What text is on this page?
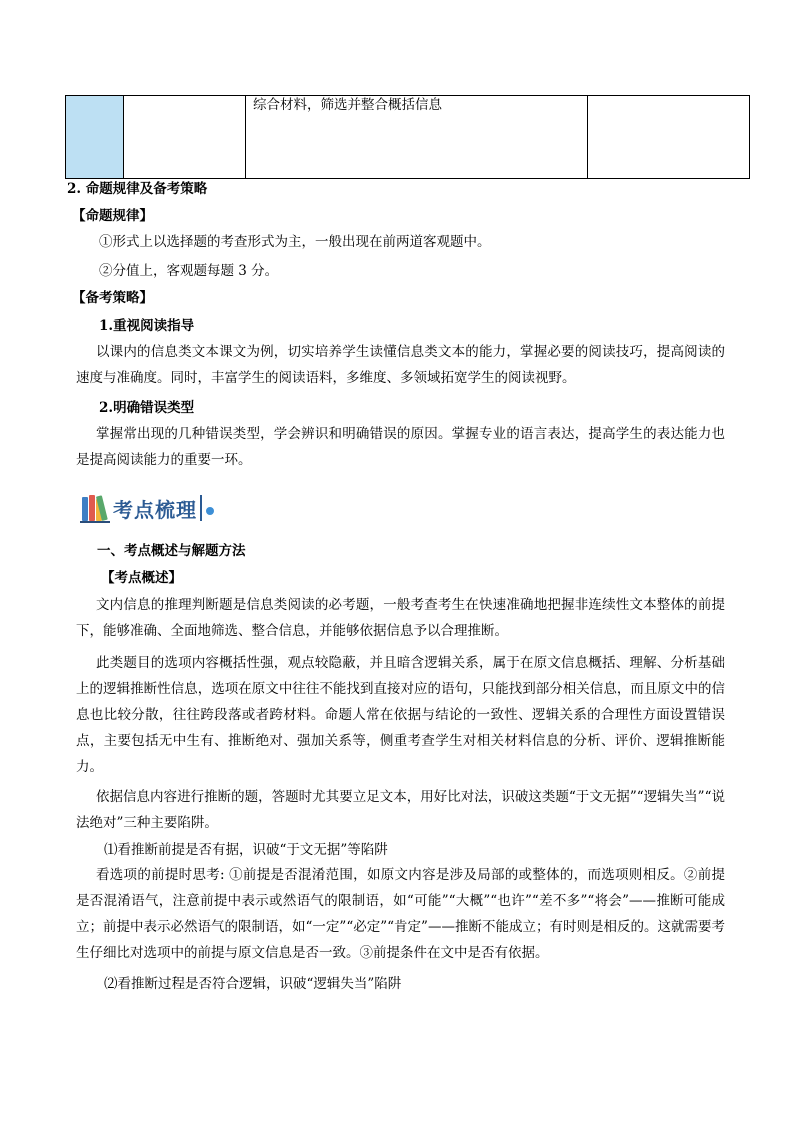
综合材料，筛选并整合概括信息
2. 命题规律及备考策略
【命题规律】
①形式上以选择题的考查形式为主，一般出现在前两道客观题中。
②分值上，客观题每题 3 分。
【备考策略】
1.重视阅读指导
以课内的信息类文本课文为例，切实培养学生读懂信息类文本的能力，掌握必要的阅读技巧，提高阅读的速度与准确度。同时，丰富学生的阅读语料，多维度、多领域拓宽学生的阅读视野。
2.明确错误类型
掌握常出现的几种错误类型，学会辨识和明确错误的原因。掌握专业的语言表达，提高学生的表达能力也是提高阅读能力的重要一环。
考点梳理
一、考点概述与解题方法
【考点概述】
文内信息的推理判断题是信息类阅读的必考题，一般考查考生在快速准确地把握非连续性文本整体的前提下，能够准确、全面地筛选、整合信息，并能够依据信息予以合理推断。
此类题目的选项内容概括性强，观点较隐蔽，并且暗含逻辑关系，属于在原文信息概括、理解、分析基础上的逻辑推断性信息，选项在原文中往往不能找到直接对应的语句，只能找到部分相关信息，而且原文中的信息也比较分散，往往跨段落或者跨材料。命题人常在依据与结论的一致性、逻辑关系的合理性方面设置错误点，主要包括无中生有、推断绝对、强加关系等，侧重考查学生对相关材料信息的分析、评价、逻辑推断能力。
依据信息内容进行推断的题，答题时尤其要立足文本，用好比对法，识破这类题“于文无据”“逻辑失当”“说法绝对”三种主要陷阱。
⑴看推断前提是否有据，识破“于文无据”等陷阱
看选项的前提时思考: ①前提是否混淆范围，如原文内容是涉及局部的或整体的，而选项则相反。②前提是否混淆语气，注意前提中表示或然语气的限制语，如“可能”“大概”“也许”“差不多”“将会”——推断可能成立；前提中表示必然语气的限制语，如“一定”“必定”“肯定”——推断不能成立；有时则是相反的。这就需要考生仔细比对选项中的前提与原文信息是否一致。③前提条件在文中是否有依据。
⑵看推断过程是否符合逻辑，识破“逻辑失当”陷阱
